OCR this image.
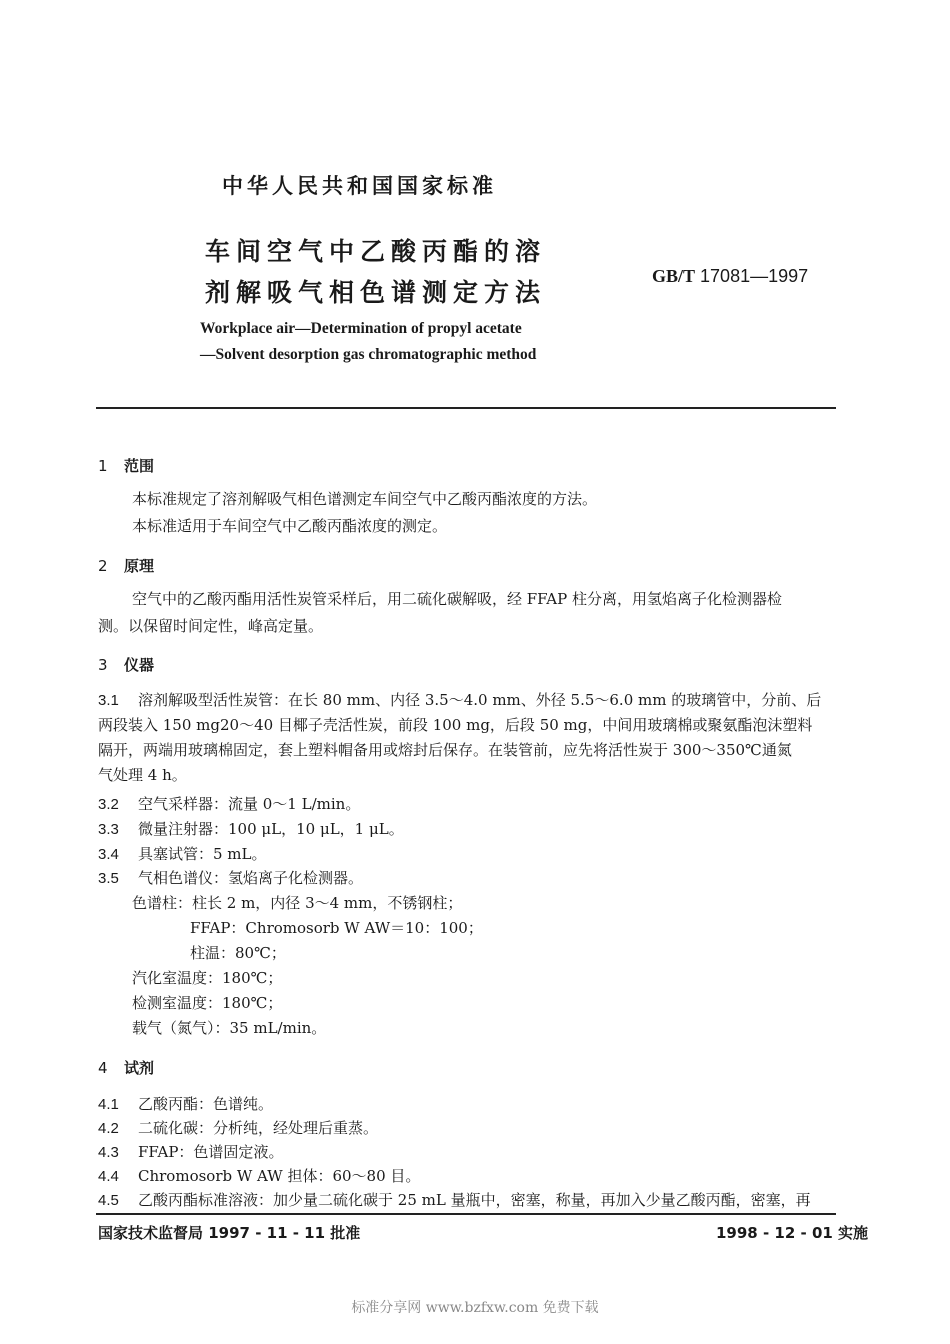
中华人民共和国国家标准
车间空气中乙酸丙酯的溶
剂解吸气相色谱测定方法
GB/T 17081—1997
Workplace air—Determination of propyl acetate
—Solvent desorption gas chromatographic method
1 范围
本标准规定了溶剂解吸气相色谱测定车间空气中乙酸丙酯浓度的方法。
本标准适用于车间空气中乙酸丙酯浓度的测定。
2 原理
空气中的乙酸丙酯用活性炭管采样后，用二硫化碳解吸，经 FFAP 柱分离，用氢焰离子化检测器检
测。以保留时间定性，峰高定量。
3 仪器
3.1 溶剂解吸型活性炭管：在长 80 mm、内径 3.5～4.0 mm、外径 5.5～6.0 mm 的玻璃管中，分前、后
两段装入 150 mg20～40 目椰子壳活性炭，前段 100 mg，后段 50 mg，中间用玻璃棉或聚氨酯泡沫塑料
隔开，两端用玻璃棉固定，套上塑料帽备用或熔封后保存。在装管前，应先将活性炭于 300～350℃通氮
气处理 4 h。
3.2 空气采样器：流量 0～1 L/min。
3.3 微量注射器：100 μL，10 μL，1 μL。
3.4 具塞试管：5 mL。
3.5 气相色谱仪：氢焰离子化检测器。
色谱柱：柱长 2 m，内径 3～4 mm，不锈钢柱；
FFAP：Chromosorb W AW＝10：100；
柱温：80℃；
汽化室温度：180℃；
检测室温度：180℃；
载气（氮气）：35 mL/min。
4 试剂
4.1 乙酸丙酯：色谱纯。
4.2 二硫化碳：分析纯，经处理后重蒸。
4.3 FFAP：色谱固定液。
4.4 Chromosorb W AW 担体：60～80 目。
4.5 乙酸丙酯标准溶液：加少量二硫化碳于 25 mL 量瓶中，密塞，称量，再加入少量乙酸丙酯，密塞，再
国家技术监督局 1997 - 11 - 11 批准	1998 - 12 - 01 实施
标准分享网 www.bzfxw.com 免费下载
